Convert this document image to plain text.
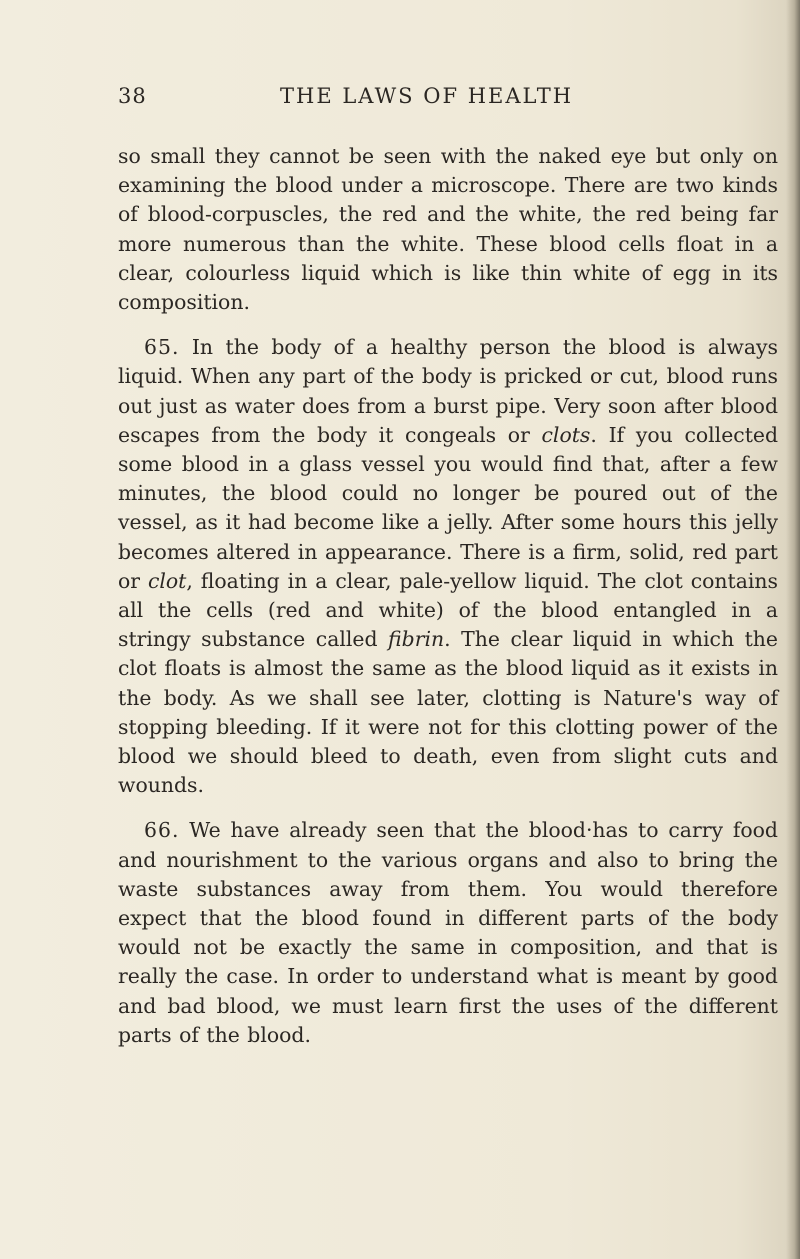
38	THE LAWS OF HEALTH

so small they cannot be seen with the naked eye but only on examining the blood under a microscope. There are two kinds of blood-corpuscles, the red and the white, the red being far more numerous than the white. These blood cells float in a clear, colourless liquid which is like thin white of egg in its composition.

65. In the body of a healthy person the blood is always liquid. When any part of the body is pricked or cut, blood runs out just as water does from a burst pipe. Very soon after blood escapes from the body it congeals or clots. If you collected some blood in a glass vessel you would find that, after a few minutes, the blood could no longer be poured out of the vessel, as it had become like a jelly. After some hours this jelly becomes altered in appearance. There is a firm, solid, red part or clot, floating in a clear, pale-yellow liquid. The clot contains all the cells (red and white) of the blood entangled in a stringy substance called fibrin. The clear liquid in which the clot floats is almost the same as the blood liquid as it exists in the body. As we shall see later, clotting is Nature's way of stopping bleeding. If it were not for this clotting power of the blood we should bleed to death, even from slight cuts and wounds.

66. We have already seen that the blood·has to carry food and nourishment to the various organs and also to bring the waste substances away from them. You would therefore expect that the blood found in different parts of the body would not be exactly the same in composition, and that is really the case. In order to understand what is meant by good and bad blood, we must learn first the uses of the different parts of the blood.
